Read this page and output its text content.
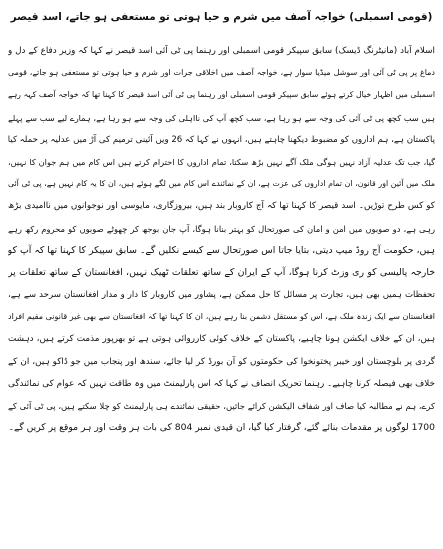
(قومی اسمبلی) خواجہ آصف میں شرم و حیا ہوتی تو مستعفی ہو جاتے، اسد قیصر
اسلام آباد (مانیٹرنگ ڈیسک) سابق سپیکر قومی اسمبلی اور رہنما پی ٹی آئی اسد قیصر نے کہا کہ وزیر دفاع کے دل و
دماغ پر پی ٹی آئی اور سوشل میڈیا سوار ہے، خواجہ آصف میں اخلاقی جرات اور شرم و حیا ہوتی تو مستعفی ہو جاتے، قومی
اسمبلی میں اظہار خیال کرتے ہوئے سابق سپیکر قومی اسمبلی اور رہنما پی ٹی آئی اسد قیصر کا کہنا تھا کہ خواجہ آصف کہہ رہے
ہیں سب کچھ پی ٹی آئی کی وجہ سے ہو رہا ہے، سب کچھ آپ کی نااہلی کی وجہ سے ہو رہا ہے، ہمارے لیے سب سے پہلے
پاکستان ہے، ہم اداروں کو مضبوط دیکھنا چاہتے ہیں، انہوں نے کہا کہ 26 ویں آئینی ترمیم کی آڑ میں عدلیہ پر حملہ کیا
گیا، جب تک عدلیہ آزاد نہیں ہوگی ملک آگے نہیں بڑھ سکتا، تمام اداروں کا احترام کرتے ہیں اس کام میں ہم جوان کا نہیں،
ملک میں آئین اور قانون، ان تمام اداروں کی عزت ہے، ان کے نمائندے اس کام میں لگے ہوئے ہیں، ان کا یہ کام نہیں ہے، پی ٹی آئی
کو کس طرح توڑیں۔ اسد قیصر کا کہنا تھا کہ آج کاروبار بند ہیں، بیروزگاری، مایوسی اور نوجوانوں میں ناامیدی بڑھ
رہی ہے، دو صوبوں میں امن و امان کی صورتحال کو بہتر بنانا ہوگا، آپ جان بوجھ کر چھوٹے صوبوں کو محروم رکھ رہے
ہیں، حکومت آج روڈ میپ دیتی، بتایا جاتا اس صورتحال سے کیسے نکلیں گے۔ سابق سپیکر کا کہنا تھا کہ آپ کو
خارجہ پالیسی کو ری وزٹ کرنا ہوگا، آپ کے ایران کے ساتھ تعلقات ٹھیک نہیں، افغانستان کے ساتھ تعلقات پر
تحفظات ہمیں بھی ہیں، تجارت پر مسائل کا حل ممکن ہے، پشاور میں کاروبار کا دار و مدار افغانستان سرحد سے ہے،
افغانستان سے ایک زندہ ملک ہے، اس کو مستقل دشمن بنا رہے ہیں، ان کا کہنا تھا کہ افغانستان سے بھی غیر قانونی مقیم افراد
ہیں، ان کے خلاف ایکشن ہونا چاہیے، پاکستان کے خلاف کوئی کارروائی ہوتی ہے تو بھرپور مذمت کرتے ہیں، دہشت
گردی پر بلوچستان اور خیبر پختونخوا کی حکومتوں کو آن بورڈ کر لیا جائے، سندھ اور پنجاب میں جو ڈاکو ہیں، ان کے
خلاف بھی فیصلہ کرنا چاہیے۔ رہنما تحریک انصاف نے کہا کہ اس پارلیمنٹ میں وہ طاقت نہیں کہ عوام کی نمائندگی
کرے، ہم نے مطالبہ کیا صاف اور شفاف الیکشن کرائے جائیں، حقیقی نمائندے ہی پارلیمنٹ کو چلا سکتے ہیں، پی ٹی آئی کے
1700 لوگوں پر مقدمات بنائے گئے، گرفتار کیا گیا، ان قیدی نمبر 804 کی بات ہر وقت اور ہر موقع پر کریں گے۔
